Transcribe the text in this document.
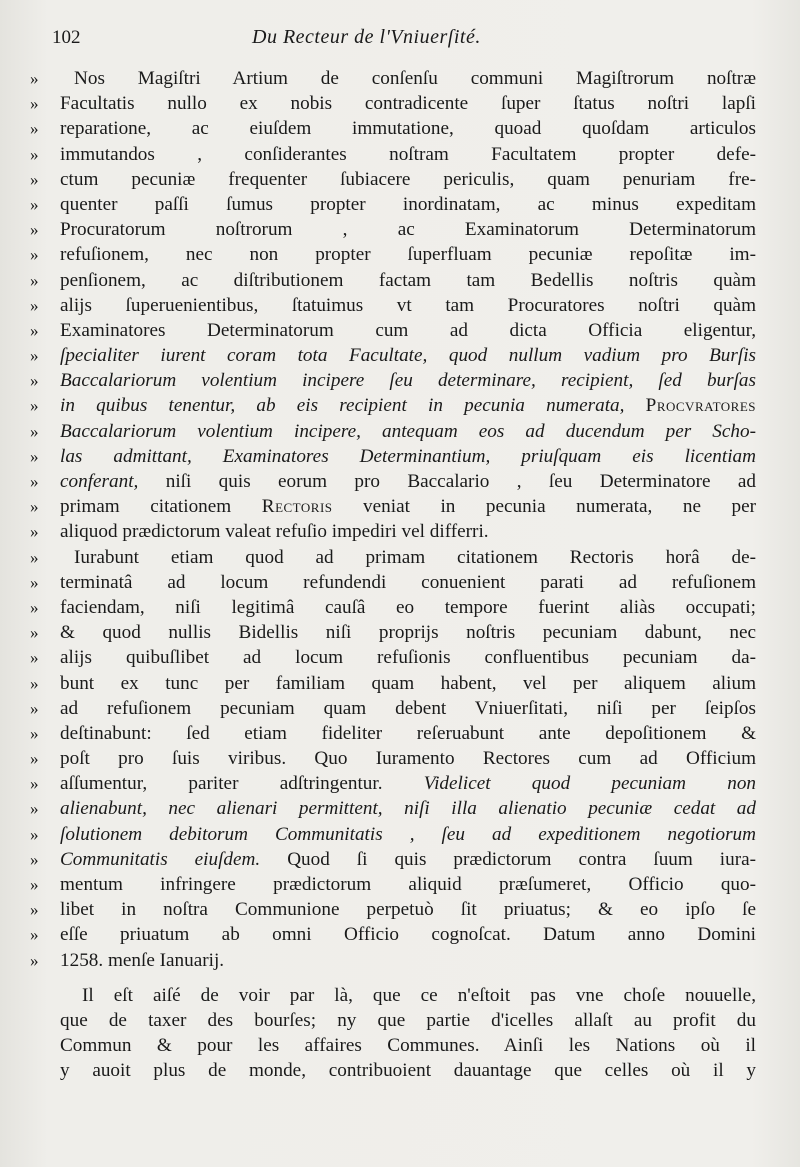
102	Du Recteur de l'Vniuerſité.
»	Nos Magiſtri Artium de conſenſu communi Magiſtrorum noſtræ
»	Facultatis nullo ex nobis contradicente ſuper ſtatus noſtri lapſi
»	reparatione, ac eiuſdem immutatione, quoad quoſdam articulos
»	immutandos , conſiderantes noſtram Facultatem propter defe-
»	ctum pecuniæ frequenter ſubiacere periculis, quam penuriam fre-
»	quenter paſſi ſumus propter inordinatam, ac minus expeditam
»	Procuratorum noſtrorum , ac Examinatorum Determinatorum
»	refuſionem, nec non propter ſuperfluam pecuniæ repoſitæ im-
»	penſionem, ac diſtributionem factam tam Bedellis noſtris quàm
»	alijs ſuperuenientibus, ſtatuimus vt tam Procuratores noſtri quàm
»	Examinatores Determinatorum cum ad dicta Officia eligentur,
»	ſpecialiter iurent coram tota Facultate, quod nullum vadium pro Burſis
»	Baccalariorum volentium incipere ſeu determinare, recipient, ſed burſas
»	in quibus tenentur, ab eis recipient in pecunia numerata, Procvratores
»	Baccalariorum volentium incipere, antequam eos ad ducendum per Scho-
»	las admittant, Examinatores Determinantium, priuſquam eis licentiam
»	conferant, niſi quis eorum pro Baccalario , ſeu Determinatore ad
»	primam citationem Rectoris veniat in pecunia numerata, ne per
»	aliquod prædictorum valeat refuſio impediri vel differri.
»	Iurabunt etiam quod ad primam citationem Rectoris horâ de-
»	terminatâ ad locum refundendi conuenient parati ad refuſionem
»	faciendam, niſi legitimâ cauſâ eo tempore fuerint aliàs occupati;
»	& quod nullis Bidellis niſi proprijs noſtris pecuniam dabunt, nec
»	alijs quibuſlibet ad locum refuſionis confluentibus pecuniam da-
»	bunt ex tunc per familiam quam habent, vel per aliquem alium
»	ad refuſionem pecuniam quam debent Vniuerſitati, niſi per ſeipſos
»	deſtinabunt: ſed etiam fideliter reſeruabunt ante depoſitionem &
»	poſt pro ſuis viribus. Quo Iuramento Rectores cum ad Officium
»	aſſumentur, pariter adſtringentur. Videlicet quod pecuniam non
»	alienabunt, nec alienari permittent, niſi illa alienatio pecuniæ cedat ad
»	ſolutionem debitorum Communitatis , ſeu ad expeditionem negotiorum
»	Communitatis eiuſdem. Quod ſi quis prædictorum contra ſuum iura-
»	mentum infringere prædictorum aliquid præſumeret, Officio quo-
»	libet in noſtra Communione perpetuò ſit priuatus; & eo ipſo ſe
»	eſſe priuatum ab omni Officio cognoſcat. Datum anno Domini
»	1258. menſe Ianuarij.
Il eſt aiſé de voir par là, que ce n'eſtoit pas vne choſe nouuelle,
que de taxer des bourſes; ny que partie d'icelles allaſt au profit du
Commun & pour les affaires Communes. Ainſi les Nations où il
y auoit plus de monde, contribuoient dauantage que celles où il y
